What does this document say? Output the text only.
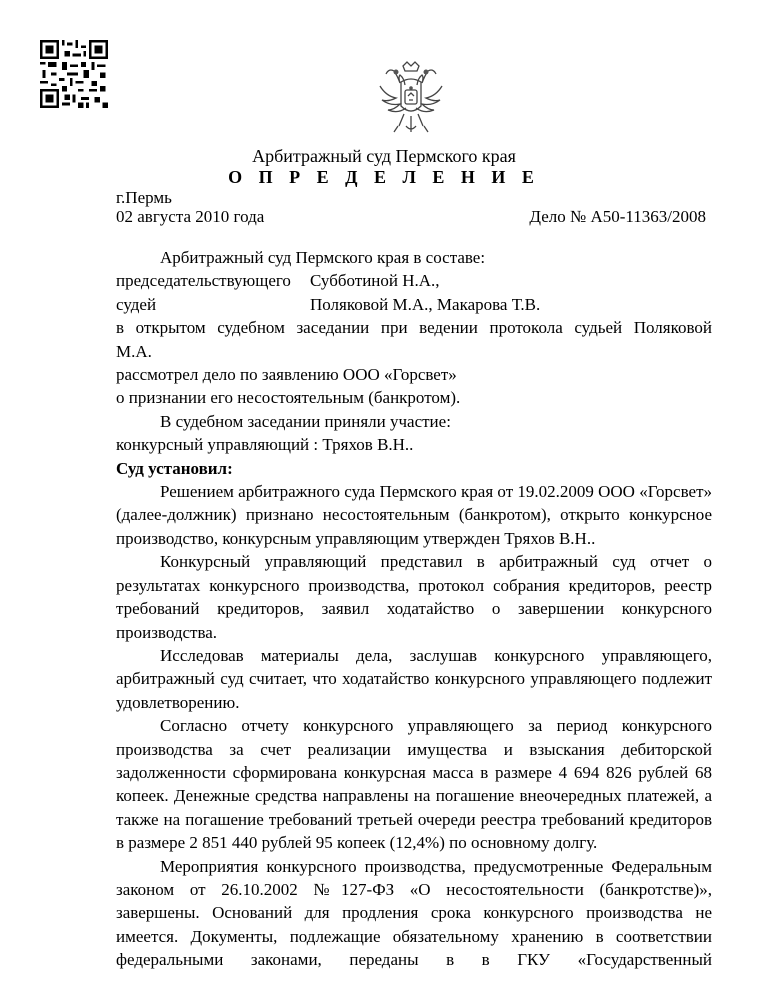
Арбитражный суд Пермского края
О П Р Е Д Е Л Е Н И Е
г.Пермь
02 августа 2010 года	Дело № А50-11363/2008

Арбитражный суд Пермского края в составе:

председательствующего Субботиной Н.А.,

судей	Поляковой М.А., Макарова Т.В.

в открытом судебном заседании при ведении протокола судьей Поляковой

М.А.

рассмотрел дело по заявлению ООО «Горсвет»

о признании его несостоятельным (банкротом).

В судебном заседании приняли участие:

конкурсный управляющий : Тряхов В.Н..

Суд установил:

Решением арбитражного суда Пермского края от 19.02.2009 ООО «Горсвет» (далее-должник) признано несостоятельным (банкротом), открыто конкурсное производство, конкурсным управляющим утвержден Тряхов В.Н..

Конкурсный управляющий представил в арбитражный суд отчет о результатах конкурсного производства, протокол собрания кредиторов, реестр требований кредиторов, заявил ходатайство о завершении конкурсного производства.

Исследовав материалы дела, заслушав конкурсного управляющего, арбитражный суд считает, что ходатайство конкурсного управляющего подлежит удовлетворению.

Согласно отчету конкурсного управляющего за период конкурсного производства за счет реализации имущества и взыскания дебиторской задолженности сформирована конкурсная масса в размере 4 694 826 рублей 68 копеек. Денежные средства направлены на погашение внеочередных платежей, а также на погашение требований третьей очереди реестра требований кредиторов в размере 2 851 440 рублей 95 копеек (12,4%) по основному долгу.

Мероприятия конкурсного производства, предусмотренные Федеральным законом от 26.10.2002 №127-ФЗ «О несостоятельности (банкротстве)», завершены. Оснований для продления срока конкурсного производства не имеется. Документы, подлежащие обязательному хранению в соответствии федеральными законами, переданы в в ГКУ «Государственный
